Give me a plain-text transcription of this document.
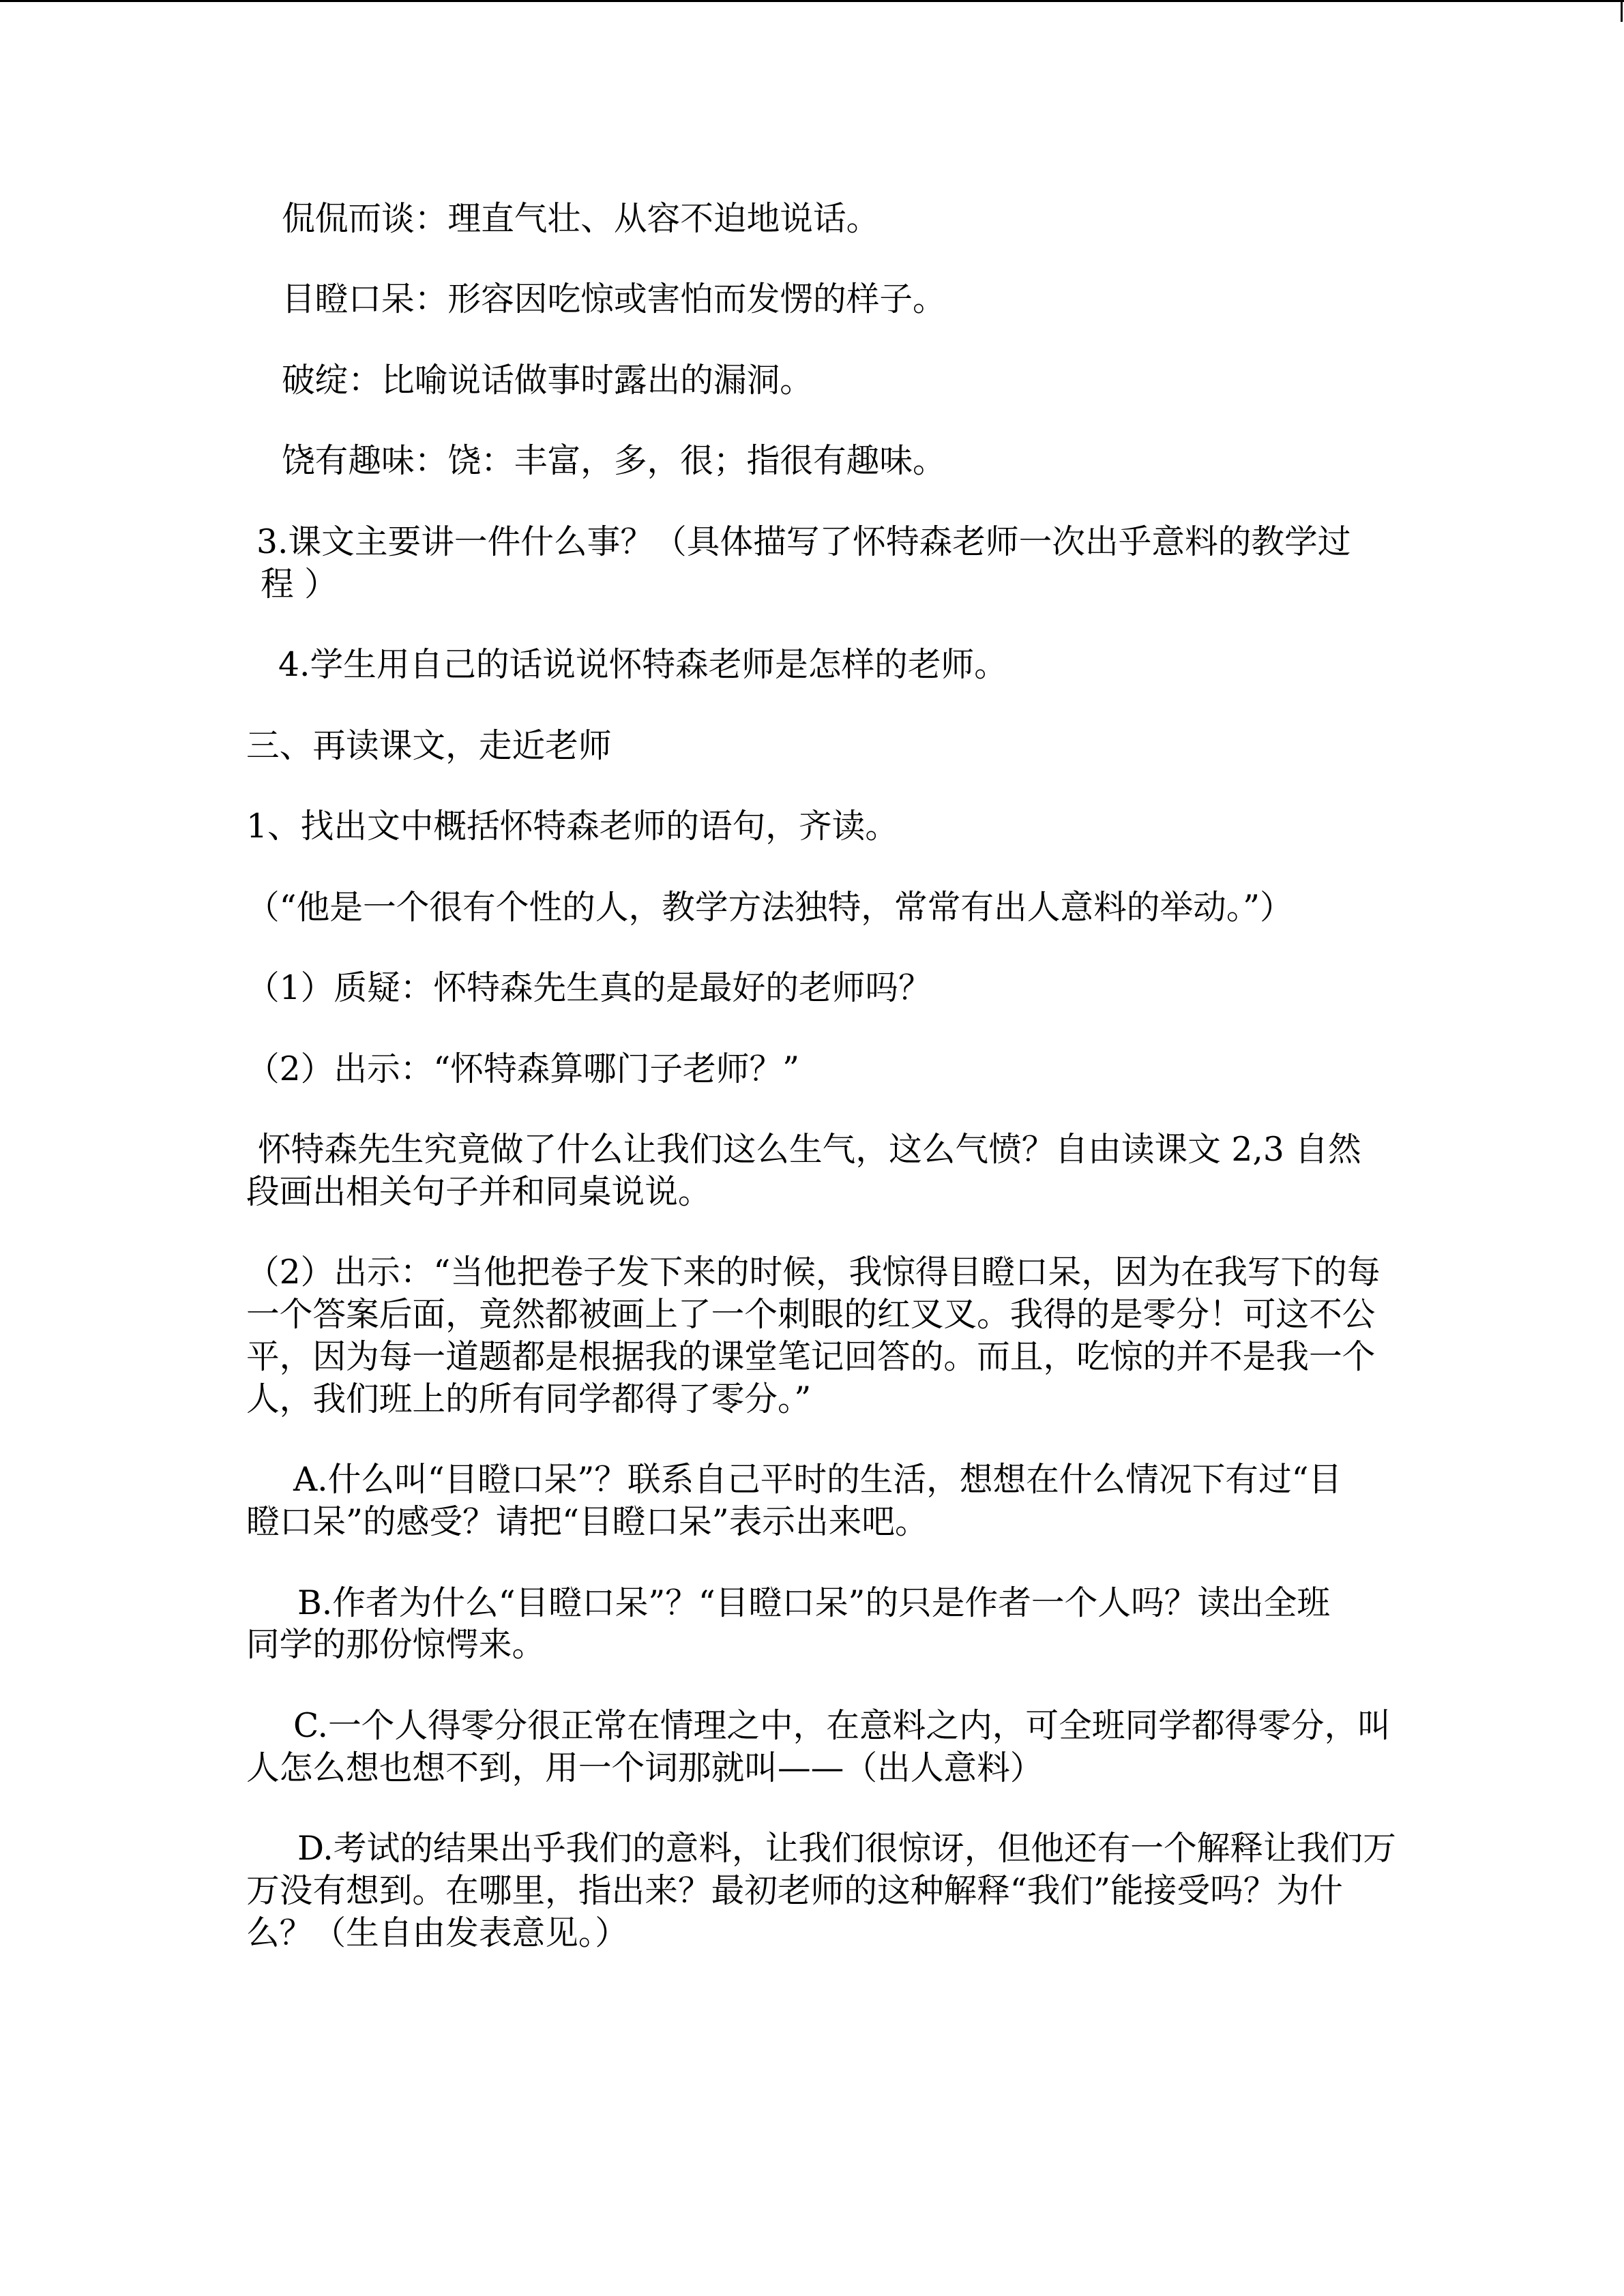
侃侃而谈：理直气壮、从容不迫地说话。
目瞪口呆：形容因吃惊或害怕而发愣的样子。
破绽：比喻说话做事时露出的漏洞。
饶有趣味：饶：丰富，多，很；指很有趣味。
3.课文主要讲一件什么事？（具体描写了怀特森老师一次出乎意料的教学过
程 ）
4.学生用自己的话说说怀特森老师是怎样的老师。
三、再读课文，走近老师
1、找出文中概括怀特森老师的语句，齐读。
（“他是一个很有个性的人，教学方法独特，常常有出人意料的举动。”）
（1）质疑：怀特森先生真的是最好的老师吗？
（2）出示：“怀特森算哪门子老师？”
怀特森先生究竟做了什么让我们这么生气，这么气愤？自由读课文 2,3 自然
段画出相关句子并和同桌说说。
（2）出示：“当他把卷子发下来的时候，我惊得目瞪口呆，因为在我写下的每
一个答案后面，竟然都被画上了一个刺眼的红叉叉。我得的是零分！可这不公
平，因为每一道题都是根据我的课堂笔记回答的。而且，吃惊的并不是我一个
人，我们班上的所有同学都得了零分。”
A.什么叫“目瞪口呆”？联系自己平时的生活，想想在什么情况下有过“目
瞪口呆”的感受？请把“目瞪口呆”表示出来吧。
B.作者为什么“目瞪口呆”？“目瞪口呆”的只是作者一个人吗？读出全班
同学的那份惊愕来。
C.一个人得零分很正常在情理之中，在意料之内，可全班同学都得零分，叫
人怎么想也想不到，用一个词那就叫——（出人意料）
D.考试的结果出乎我们的意料，让我们很惊讶，但他还有一个解释让我们万
万没有想到。在哪里，指出来？最初老师的这种解释“我们”能接受吗？为什
么？（生自由发表意见。）
